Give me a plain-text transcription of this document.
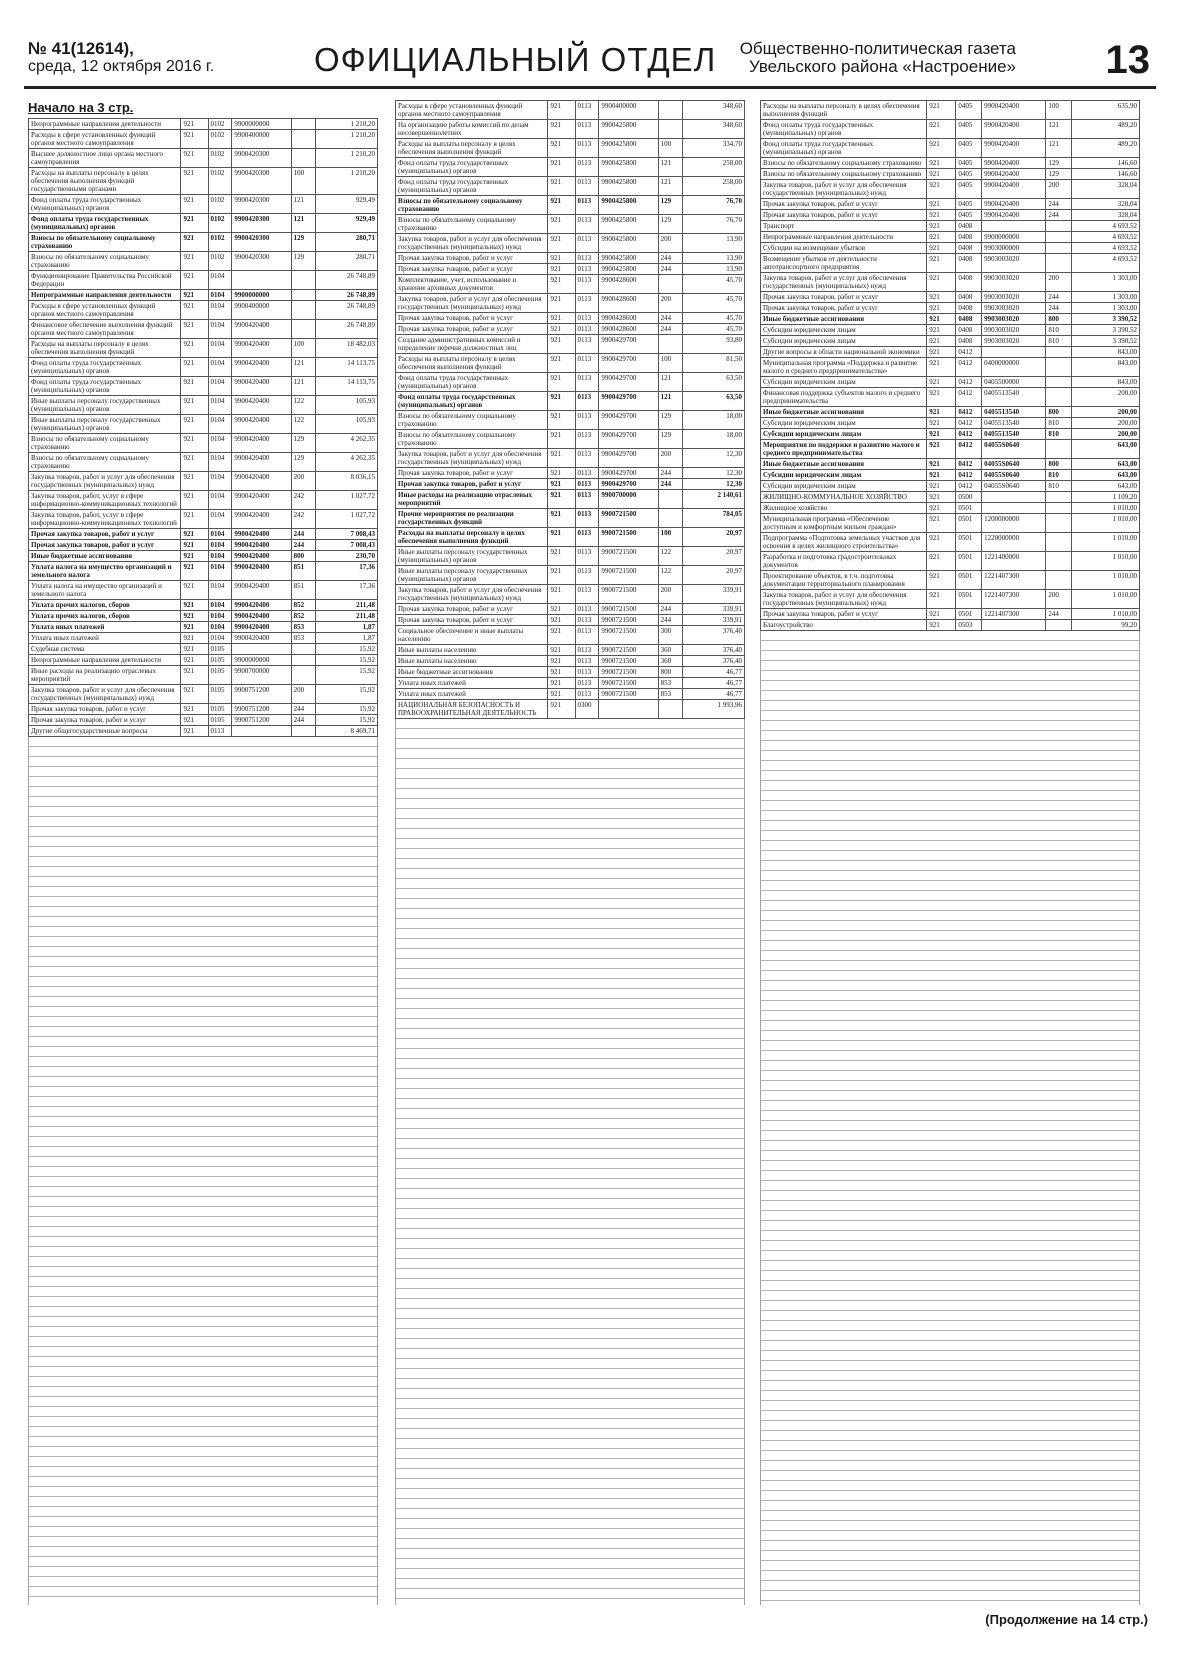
№ 41(12614),
среда, 12 октября 2016 г.	ОФИЦИАЛЬНЫЙ ОТДЕЛ Общественно-политическая газета
Увельского района «Настроение» 13
Начало на 3 стр.
Непрограммные направления деятельности	921	0102	9900000000		1 210,20
Расходы в сфере установленных функций органов местного самоуправления	921	0102	9900400000		1 210,20
Высшее должностное лицо органа местного самоуправления	921	0102	9900420300		1 210,20
Расходы на выплаты персоналу в целях обеспечения выполнения функций государственными органами	921	0102	9900420300	100	1 210,20
Фонд оплаты труда государственных (муниципальных) органов	921	0102	9900420300	121	929,49
Фонд оплаты труда государственных (муниципальных) органов	921	0102	9900420300	121	929,49
Взносы по обязательному социальному страхованию	921	0102	9900420300	129	280,71
Взносы по обязательному социальному страхованию	921	0102	9900420300	129	280,71
Функционирование Правительства Российской Федерации	921	0104			26 748,89
Непрограммные направления деятельности	921	0104	9900000000		26 748,89
Расходы в сфере установленных функций органов местного самоуправления	921	0104	9900400000		26 748,89
Финансовое обеспечение выполнения функций органов местного самоуправления	921	0104	9900420400		26 748,89
Расходы на выплаты персоналу в целях обеспечения выполнения функций	921	0104	9900420400	100	18 482,03
Фонд оплаты труда государственных (муниципальных) органов	921	0104	9900420400	121	14 113,75
Фонд оплаты труда государственных (муниципальных) органов	921	0104	9900420400	121	14 113,75
Иные выплаты персоналу государственных (муниципальных) органов	921	0104	9900420400	122	105,93
Иные выплаты персоналу государственных (муниципальных) органов	921	0104	9900420400	122	105,93
Взносы по обязательному социальному страхованию	921	0104	9900420400	129	4 262,35
Взносы по обязательному социальному страхованию	921	0104	9900420400	129	4 262,35
Закупка товаров, работ и услуг для обеспечения государственных (муниципальных) нужд	921	0104	9900420400	200	8 036,15
Закупка товаров, работ, услуг в сфере информационно-коммуникационных технологий	921	0104	9900420400	242	1 027,72
Закупка товаров, работ, услуг в сфере информационно-коммуникационных технологий	921	0104	9900420400	242	1 027,72
Прочая закупка товаров, работ и услуг	921	0104	9900420400	244	7 008,43
Прочая закупка товаров, работ и услуг	921	0104	9900420400	244	7 008,43
Иные бюджетные ассигнования	921	0104	9900420400	800	230,70
Уплата налога на имущество организаций и земельного налога	921	0104	9900420400	851	17,36
Уплата налога на имущество организаций и земельного налога	921	0104	9900420400	851	17,36
Уплата прочих налогов, сборов	921	0104	9900420400	852	211,48
Уплата прочих налогов, сборов	921	0104	9900420400	852	211,48
Уплата иных платежей	921	0104	9900420400	853	1,87
Уплата иных платежей	921	0104	9900420400	853	1,87
Судебная система	921	0105			15,92
Непрограммные направления деятельности	921	0105	9900000000		15,92
Иные расходы на реализацию отраслевых мероприятий	921	0105	9900700000		15,92
Закупка товаров, работ и услуг для обеспечения государственных (муниципальных) нужд	921	0105	9900751200	200	15,92
Прочая закупка товаров, работ и услуг	921	0105	9900751200	244	15,92
Прочая закупка товаров, работ и услуг	921	0105	9900751200	244	15,92
Другие общегосударственные вопросы	921	0113			8 469,71
Расходы в сфере установленных функций органов местного самоуправления	921	0113	9900400000		348,60
На организацию работы комиссий по делам несовершеннолетних	921	0113	9900425800		348,60
Расходы на выплаты персоналу в целях обеспечения выполнения функций	921	0113	9900425800	100	334,70
Фонд оплаты труда государственных (муниципальных) органов	921	0113	9900425800	121	258,00
Фонд оплаты труда государственных (муниципальных) органов	921	0113	9900425800	121	258,00
Взносы по обязательному социальному страхованию	921	0113	9900425800	129	76,70
Взносы по обязательному социальному страхованию	921	0113	9900425800	129	76,70
Закупка товаров, работ и услуг для обеспечения государственных (муниципальных) нужд	921	0113	9900425800	200	13,90
Прочая закупка товаров, работ и услуг	921	0113	9900425800	244	13,90
Прочая закупка товаров, работ и услуг	921	0113	9900425800	244	13,90
Комплектование, учет, использование и хранение архивных документов	921	0113	9900428600		45,70
Закупка товаров, работ и услуг для обеспечения государственных (муниципальных) нужд	921	0113	9900428600	200	45,70
Прочая закупка товаров, работ и услуг	921	0113	9900428600	244	45,70
Прочая закупка товаров, работ и услуг	921	0113	9900428600	244	45,70
Создание административных комиссий и определение перечня должностных лиц	921	0113	9900429700		93,80
Расходы на выплаты персоналу в целях обеспечения выполнения функций	921	0113	9900429700	100	81,50
Фонд оплаты труда государственных (муниципальных) органов	921	0113	9900429700	121	63,50
Фонд оплаты труда государственных (муниципальных) органов	921	0113	9900429700	121	63,50
Взносы по обязательному социальному страхованию	921	0113	9900429700	129	18,00
Взносы по обязательному социальному страхованию	921	0113	9900429700	129	18,00
Закупка товаров, работ и услуг для обеспечения государственных (муниципальных) нужд	921	0113	9900429700	200	12,30
Прочая закупка товаров, работ и услуг	921	0113	9900429700	244	12,30
Прочая закупка товаров, работ и услуг	921	0113	9900429700	244	12,30
Иные расходы на реализацию отраслевых мероприятий	921	0113	9900700000		2 140,61
Прочие мероприятия по реализации государственных функций	921	0113	9900721500		784,05
Расходы на выплаты персоналу в целях обеспечения выполнения функций	921	0113	9900721500	100	20,97
Иные выплаты персоналу государственных (муниципальных) органов	921	0113	9900721500	122	20,97
Иные выплаты персоналу государственных (муниципальных) органов	921	0113	9900721500	122	20,97
Закупка товаров, работ и услуг для обеспечения государственных (муниципальных) нужд	921	0113	9900721500	200	339,91
Прочая закупка товаров, работ и услуг	921	0113	9900721500	244	339,91
Прочая закупка товаров, работ и услуг	921	0113	9900721500	244	339,91
Социальное обеспечение и иные выплаты населению	921	0113	9900721500	300	376,40
Иные выплаты населению	921	0113	9900721500	360	376,40
Иные выплаты населению	921	0113	9900721500	360	376,40
Иные бюджетные ассигнования	921	0113	9900721500	800	46,77
Уплата иных платежей	921	0113	9900721500	853	46,77
Уплата иных платежей	921	0113	9900721500	853	46,77
НАЦИОНАЛЬНАЯ БЕЗОПАСНОСТЬ И ПРАВООХРАНИТЕЛЬНАЯ ДЕЯТЕЛЬНОСТЬ	921	0300			1 993,96
Расходы на выплаты персоналу в целях обеспечения выполнения функций	921	0405	9900420400	100	635,90
Фонд оплаты труда государственных (муниципальных) органов	921	0405	9900420400	121	489,20
Фонд оплаты труда государственных (муниципальных) органов	921	0405	9900420400	121	489,20
Взносы по обязательному социальному страхованию	921	0405	9900420400	129	146,60
Взносы по обязательному социальному страхованию	921	0405	9900420400	129	146,60
Закупка товаров, работ и услуг для обеспечения государственных (муниципальных) нужд	921	0405	9900420400	200	328,04
Прочая закупка товаров, работ и услуг	921	0405	9900420400	244	328,04
Прочая закупка товаров, работ и услуг	921	0405	9900420400	244	328,04
Транспорт	921	0408			4 693,52
Непрограммные направления деятельности	921	0408	9900000000		4 693,52
Субсидии на возмещение убытков	921	0408	9903000000		4 693,52
Возмещение убытков от деятельности автотранспортного предприятия	921	0408	9903003020		4 693,52
Закупка товаров, работ и услуг для обеспечения государственных (муниципальных) нужд	921	0408	9903003020	200	1 303,00
Прочая закупка товаров, работ и услуг	921	0408	9903003020	244	1 303,00
Прочая закупка товаров, работ и услуг	921	0408	9903003020	244	1 303,00
Иные бюджетные ассигнования	921	0408	9903003020	800	3 390,52
Субсидии юридическим лицам	921	0408	9903003020	810	3 390,52
Субсидии юридическим лицам	921	0408	9903003020	810	3 390,52
Другие вопросы в области национальной экономики	921	0412			843,00
Муниципальная программа «Поддержка и развитие малого и среднего предпринимательства»	921	0412	0400000000		843,00
Субсидии юридическим лицам	921	0412	0405500000		843,00
Финансовая поддержка субъектов малого и среднего предпринимательства	921	0412	0405513540		200,00
Иные бюджетные ассигнования	921	0412	0405513540	800	200,00
Субсидии юридическим лицам	921	0412	0405513540	810	200,00
Субсидии юридическим лицам	921	0412	0405513540	810	200,00
Мероприятия по поддержке и развитию малого и среднего предпринимательства	921	0412	04055S0640		643,00
Иные бюджетные ассигнования	921	0412	04055S0640	800	643,00
Субсидии юридическим лицам	921	0412	04055S0640	810	643,00
Субсидии юридическим лицам	921	0412	04055S0640	810	643,00
ЖИЛИЩНО-КОММУНАЛЬНОЕ ХОЗЯЙСТВО	921	0500			1 109,20
Жилищное хозяйство	921	0501			1 010,00
Муниципальная программа «Обеспечение доступным и комфортным жильем граждан»	921	0501	1200000000		1 010,00
Подпрограмма «Подготовка земельных участков для освоения в целях жилищного строительства»	921	0501	1220000000		1 010,00
Разработка и подготовка градостроительных документов	921	0501	1221400000		1 010,00
Проектирование объектов, в т.ч. подготовка документации территориального планирования	921	0501	1221407300		1 010,00
Закупка товаров, работ и услуг для обеспечения государственных (муниципальных) нужд	921	0501	1221407300	200	1 010,00
Прочая закупка товаров, работ и услуг	921	0501	1221407300	244	1 010,00
Благоустройство	921	0503			99,20
(Продолжение на 14 стр.)
